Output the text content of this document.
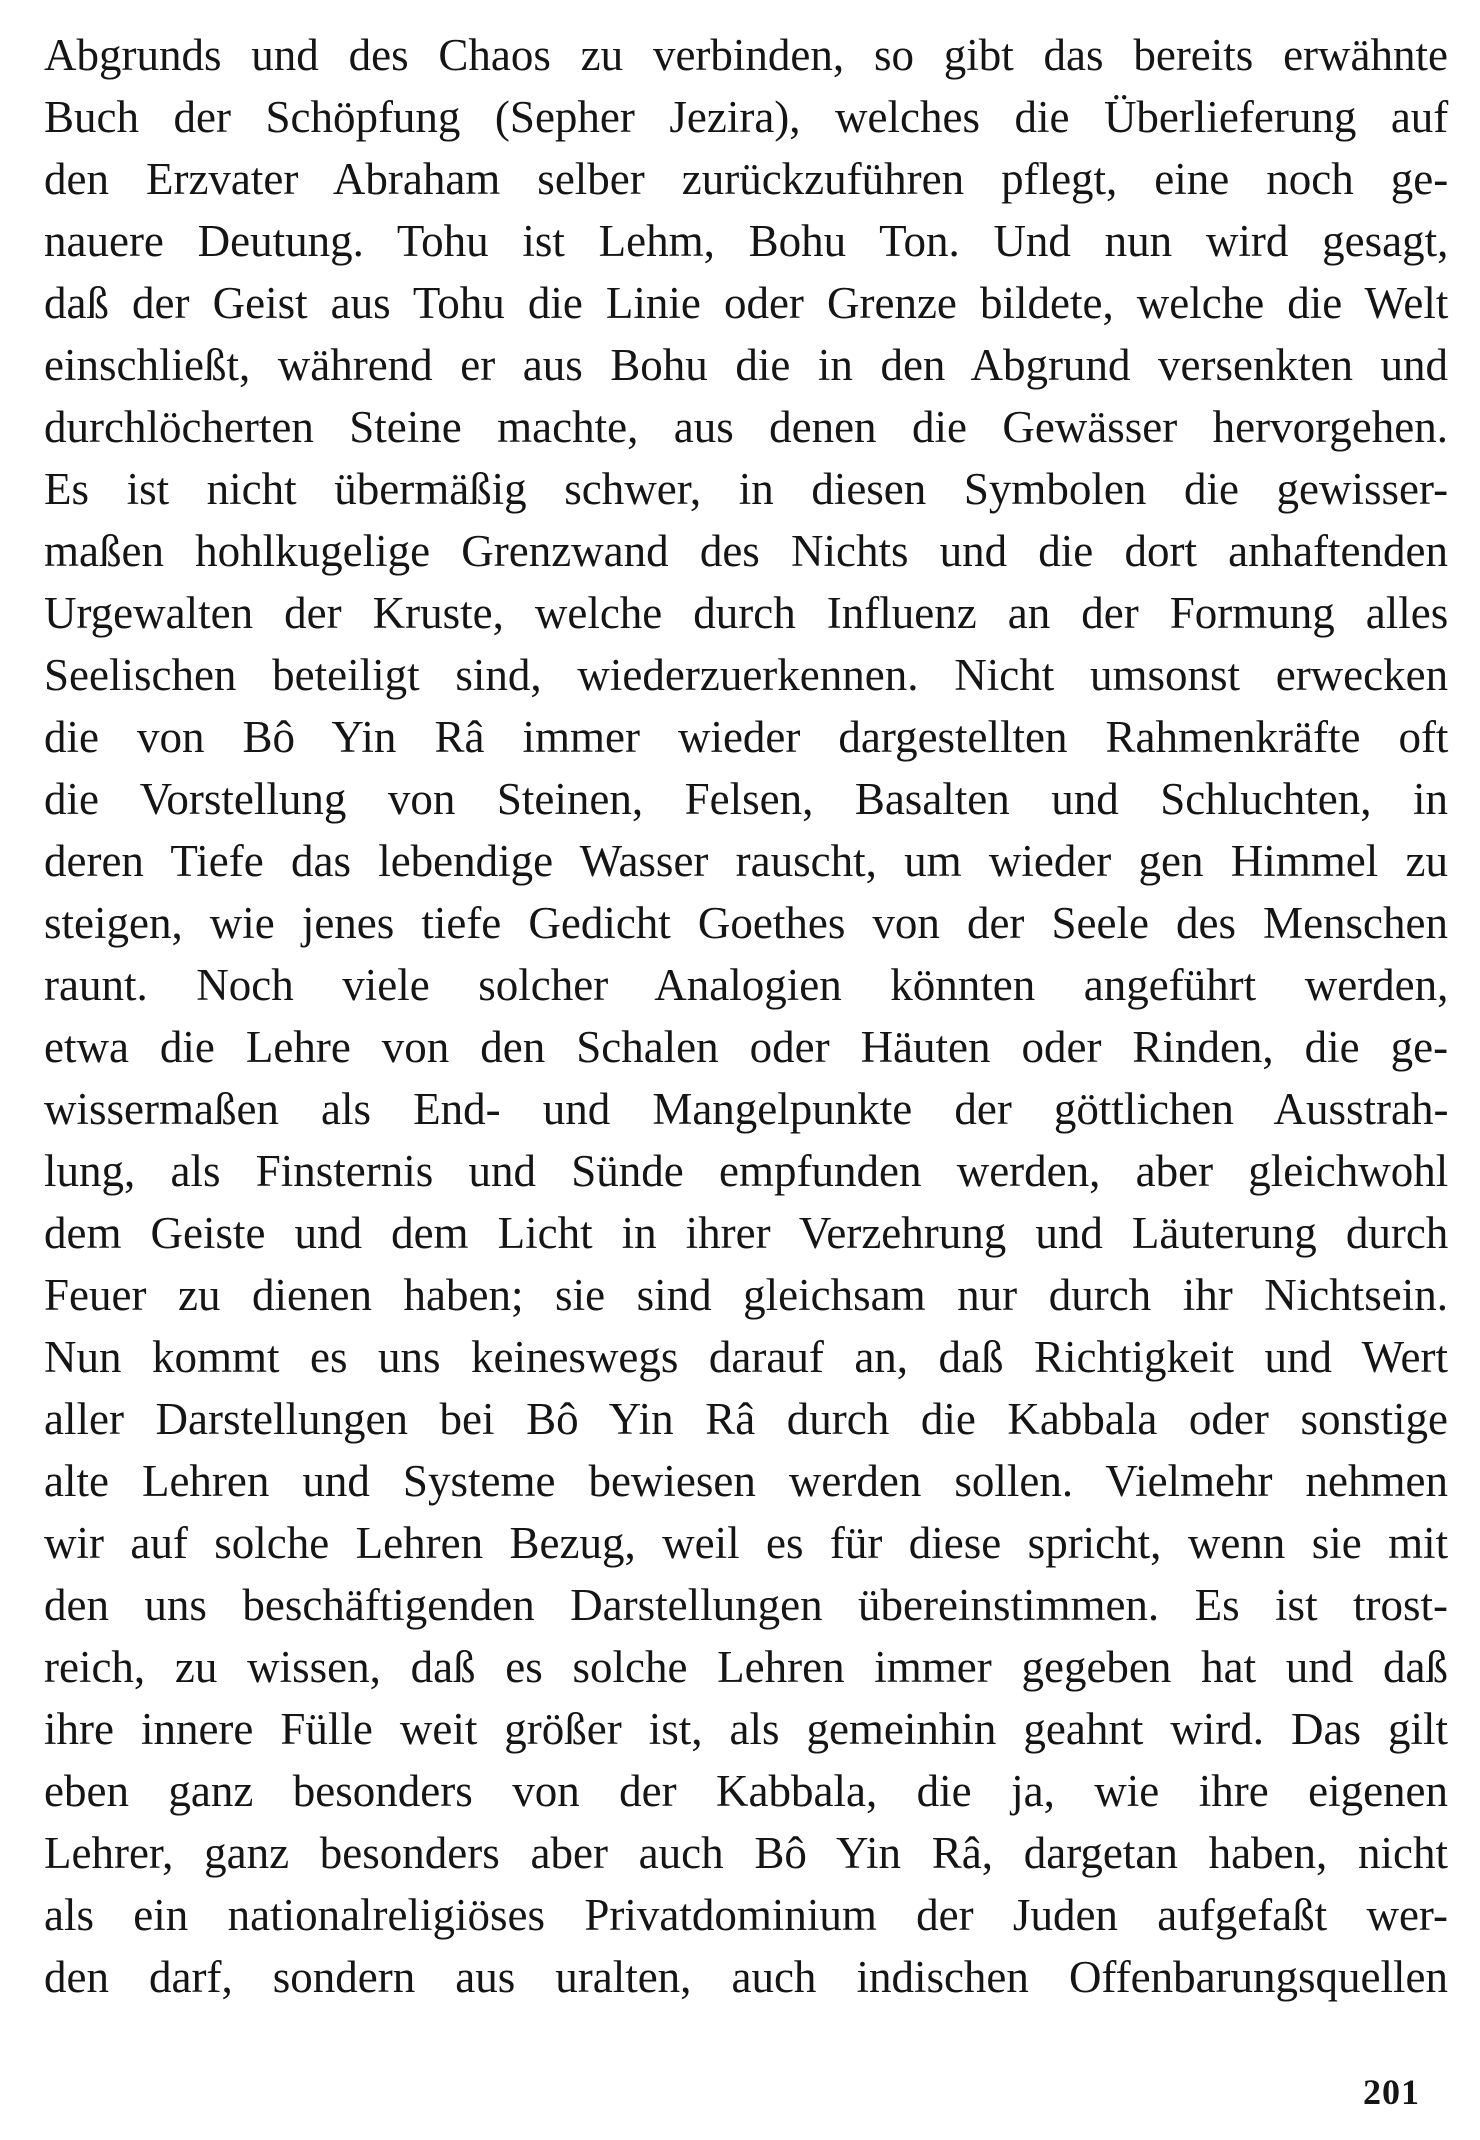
Abgrunds und des Chaos zu verbinden, so gibt das bereits erwähnte
Buch der Schöpfung (Sepher Jezira), welches die Überlieferung auf
den Erzvater Abraham selber zurückzuführen pflegt, eine noch ge-
nauere Deutung. Tohu ist Lehm, Bohu Ton. Und nun wird gesagt,
daß der Geist aus Tohu die Linie oder Grenze bildete, welche die Welt
einschließt, während er aus Bohu die in den Abgrund versenkten und
durchlöcherten Steine machte, aus denen die Gewässer hervorgehen.
Es ist nicht übermäßig schwer, in diesen Symbolen die gewisser-
maßen hohlkugelige Grenzwand des Nichts und die dort anhaftenden
Urgewalten der Kruste, welche durch Influenz an der Formung alles
Seelischen beteiligt sind, wiederzuerkennen. Nicht umsonst erwecken
die von Bô Yin Râ immer wieder dargestellten Rahmenkräfte oft
die Vorstellung von Steinen, Felsen, Basalten und Schluchten, in
deren Tiefe das lebendige Wasser rauscht, um wieder gen Himmel zu
steigen, wie jenes tiefe Gedicht Goethes von der Seele des Menschen
raunt. Noch viele solcher Analogien könnten angeführt werden,
etwa die Lehre von den Schalen oder Häuten oder Rinden, die ge-
wissermaßen als End- und Mangelpunkte der göttlichen Ausstrah-
lung, als Finsternis und Sünde empfunden werden, aber gleichwohl
dem Geiste und dem Licht in ihrer Verzehrung und Läuterung durch
Feuer zu dienen haben; sie sind gleichsam nur durch ihr Nichtsein.
Nun kommt es uns keineswegs darauf an, daß Richtigkeit und Wert
aller Darstellungen bei Bô Yin Râ durch die Kabbala oder sonstige
alte Lehren und Systeme bewiesen werden sollen. Vielmehr nehmen
wir auf solche Lehren Bezug, weil es für diese spricht, wenn sie mit
den uns beschäftigenden Darstellungen übereinstimmen. Es ist trost-
reich, zu wissen, daß es solche Lehren immer gegeben hat und daß
ihre innere Fülle weit größer ist, als gemeinhin geahnt wird. Das gilt
eben ganz besonders von der Kabbala, die ja, wie ihre eigenen
Lehrer, ganz besonders aber auch Bô Yin Râ, dargetan haben, nicht
als ein nationalreligiöses Privatdominium der Juden aufgefaßt wer-
den darf, sondern aus uralten, auch indischen Offenbarungsquellen
201
